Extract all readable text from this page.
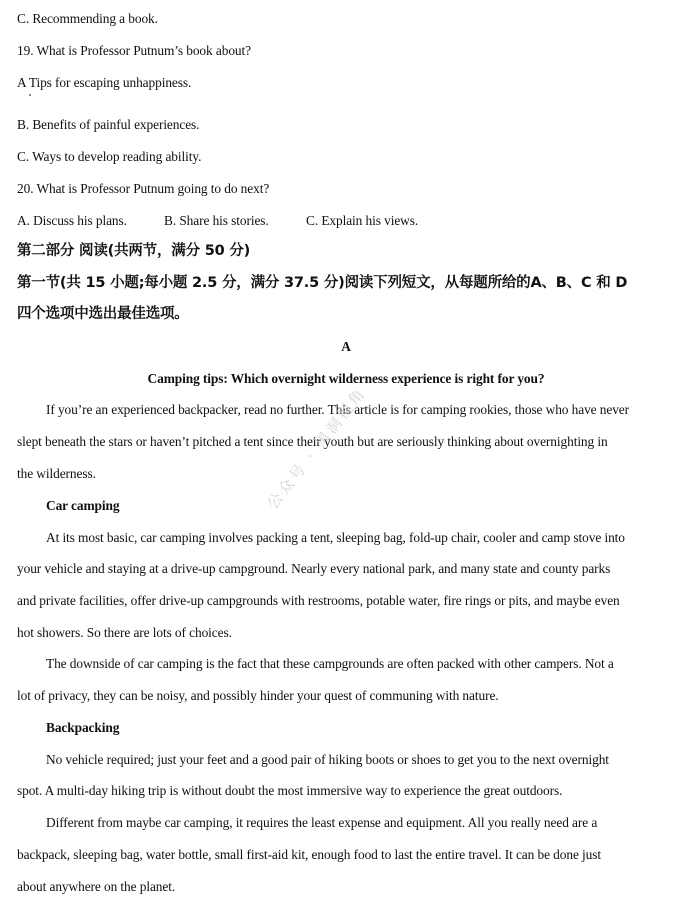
C. Recommending a book.
19. What is Professor Putnum’s book about?
A Tips for escaping unhappiness.
B. Benefits of painful experiences.
C. Ways to develop reading ability.
20. What is Professor Putnum going to do next?
A. Discuss his plans.	B. Share his stories.	C. Explain his views.
第二部分 阅读(共两节，满分 50 分)
第一节(共 15 小题;每小题 2.5 分，满分 37.5 分)阅读下列短文，从每题所给的A、B、C 和 D
四个选项中选出最佳选项。
A
Camping tips: Which overnight wilderness experience is right for you?
If you’re an experienced backpacker, read no further. This article is for camping rookies, those who have never
slept beneath the stars or haven’t pitched a tent since their youth but are seriously thinking about overnighting in
the wilderness.
Car camping
At its most basic, car camping involves packing a tent, sleeping bag, fold-up chair, cooler and camp stove into
your vehicle and staying at a drive-up campground. Nearly every national park, and many state and county parks
and private facilities, offer drive-up campgrounds with restrooms, potable water, fire rings or pits, and maybe even
hot showers. So there are lots of choices.
The downside of car camping is the fact that these campgrounds are often packed with other campers. Not a
lot of privacy, they can be noisy, and possibly hinder your quest of communing with nature.
Backpacking
No vehicle required; just your feet and a good pair of hiking boots or shoes to get you to the next overnight
spot. A multi-day hiking trip is without doubt the most immersive way to experience the great outdoors.
Different from maybe car camping, it requires the least expense and equipment. All you really need are a
backpack, sleeping bag, water bottle, small first-aid kit, enough food to last the entire travel. It can be done just
about anywhere on the planet.
公众号 · 黑洞视角
